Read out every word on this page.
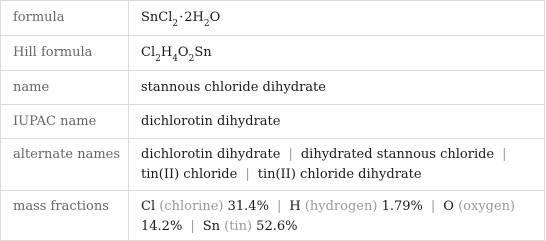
formula	$SnCl_2\cdot 2H_2O$
Hill formula	$Cl_2H_4O_2Sn$
name	stannous chloride dihydrate
IUPAC name	dichlorotin dihydrate
alternate names	dichlorotin dihydrate | dihydrated stannous chloride |
tin(II) chloride | tin(II) chloride dihydrate
mass fractions	Cl (chlorine) 31.4% | H (hydrogen) 1.79% | O (oxygen)
14.2% | Sn (tin) 52.6%
